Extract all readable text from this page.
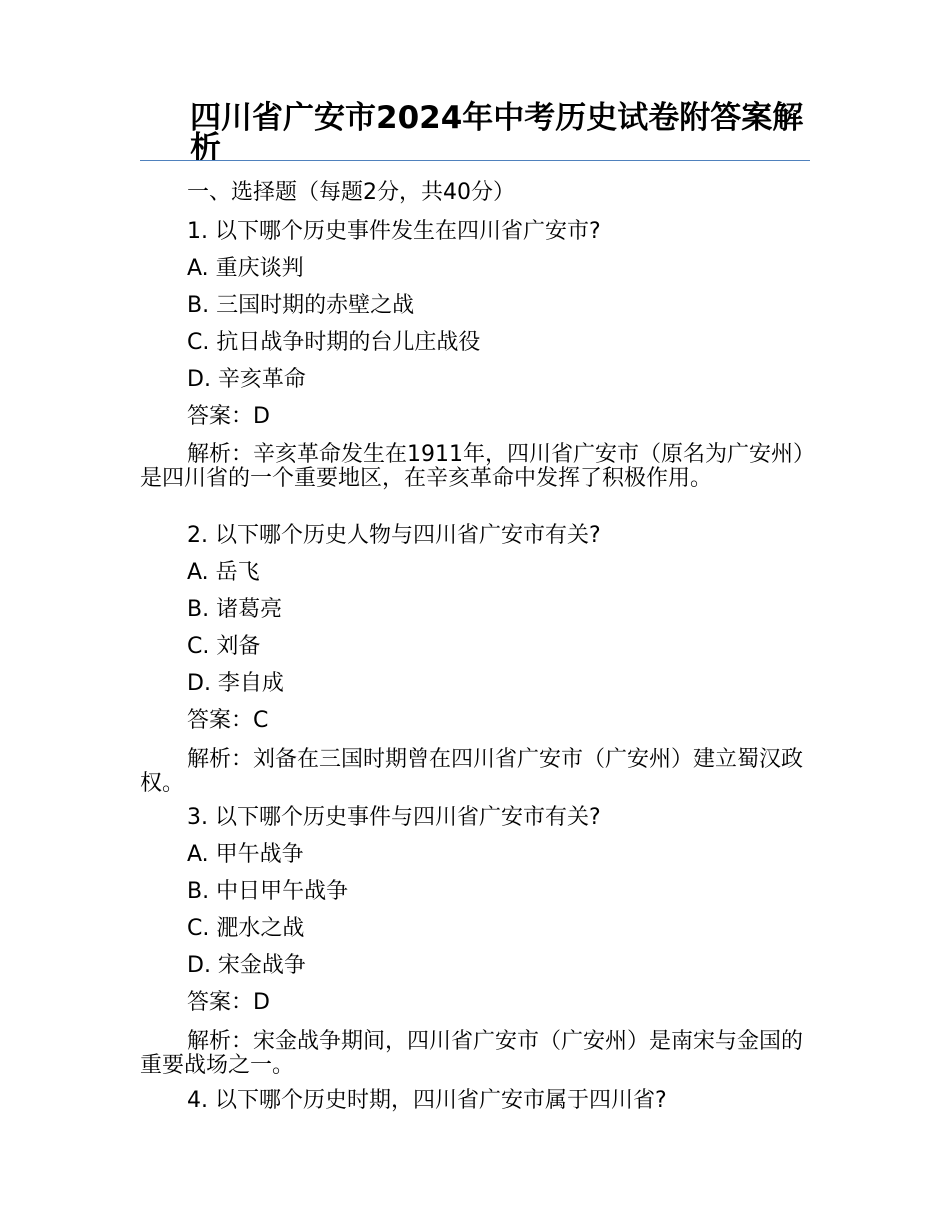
四川省广安市2024年中考历史试卷附答案解析
一、选择题（每题2分，共40分）
1. 以下哪个历史事件发生在四川省广安市?
A. 重庆谈判
B. 三国时期的赤壁之战
C. 抗日战争时期的台儿庄战役
D. 辛亥革命
答案：D
解析：辛亥革命发生在1911年，四川省广安市（原名为广安州）是四川省的一个重要地区，在辛亥革命中发挥了积极作用。
2. 以下哪个历史人物与四川省广安市有关?
A. 岳飞
B. 诸葛亮
C. 刘备
D. 李自成
答案：C
解析：刘备在三国时期曾在四川省广安市（广安州）建立蜀汉政权。
3. 以下哪个历史事件与四川省广安市有关?
A. 甲午战争
B. 中日甲午战争
C. 淝水之战
D. 宋金战争
答案：D
解析：宋金战争期间，四川省广安市（广安州）是南宋与金国的重要战场之一。
4. 以下哪个历史时期，四川省广安市属于四川省?
